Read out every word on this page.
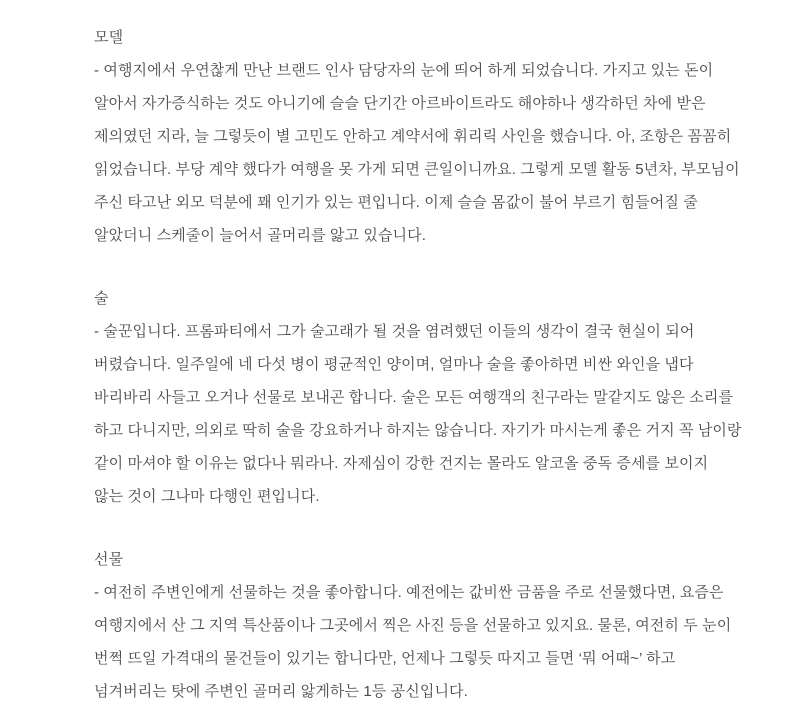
모델
- 여행지에서 우연찮게 만난 브랜드 인사 담당자의 눈에 띄어 하게 되었습니다. 가지고 있는 돈이
알아서 자가증식하는 것도 아니기에 슬슬 단기간 아르바이트라도 해야하나 생각하던 차에 받은
제의였던 지라, 늘 그렇듯이 별 고민도 안하고 계약서에 휘리릭 사인을 했습니다. 아, 조항은 꼼꼼히
읽었습니다. 부당 계약 했다가 여행을 못 가게 되면 큰일이니까요. 그렇게 모델 활동 5년차, 부모님이
주신 타고난 외모 덕분에 꽤 인기가 있는 편입니다. 이제 슬슬 몸값이 불어 부르기 힘들어질 줄
알았더니 스케줄이 늘어서 골머리를 앓고 있습니다.
술
- 술꾼입니다. 프롬파티에서 그가 술고래가 될 것을 염려했던 이들의 생각이 결국 현실이 되어
버렸습니다. 일주일에 네 다섯 병이 평균적인 양이며, 얼마나 술을 좋아하면 비싼 와인을 냅다
바리바리 사들고 오거나 선물로 보내곤 합니다. 술은 모든 여행객의 친구라는 말같지도 않은 소리를
하고 다니지만, 의외로 딱히 술을 강요하거나 하지는 않습니다. 자기가 마시는게 좋은 거지 꼭 남이랑
같이 마셔야 할 이유는 없다나 뭐라나. 자제심이 강한 건지는 몰라도 알코올 중독 증세를 보이지
않는 것이 그나마 다행인 편입니다.
선물
- 여전히 주변인에게 선물하는 것을 좋아합니다. 예전에는 값비싼 금품을 주로 선물했다면, 요즘은
여행지에서 산 그 지역 특산품이나 그곳에서 찍은 사진 등을 선물하고 있지요. 물론, 여전히 두 눈이
번쩍 뜨일 가격대의 물건들이 있기는 합니다만, 언제나 그렇듯 따지고 들면 ‘뭐 어때~’ 하고
넘겨버리는 탓에 주변인 골머리 앓게하는 1등 공신입니다.
